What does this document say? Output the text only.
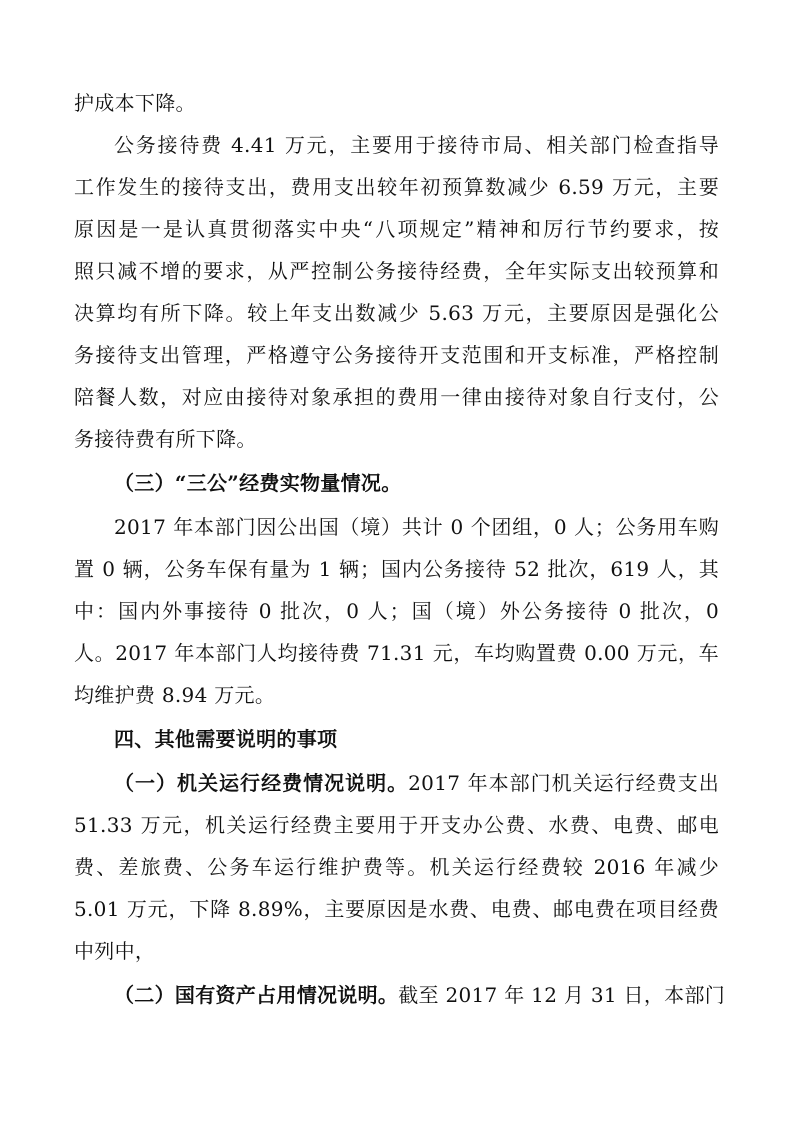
护成本下降。
公务接待费 4.41 万元，主要用于接待市局、相关部门检查指导
工作发生的接待支出，费用支出较年初预算数减少 6.59 万元，主要
原因是一是认真贯彻落实中央“八项规定”精神和厉行节约要求，按
照只减不增的要求，从严控制公务接待经费，全年实际支出较预算和
决算均有所下降。较上年支出数减少 5.63 万元，主要原因是强化公
务接待支出管理，严格遵守公务接待开支范围和开支标准，严格控制
陪餐人数，对应由接待对象承担的费用一律由接待对象自行支付，公
务接待费有所下降。
（三）“三公”经费实物量情况。
2017 年本部门因公出国（境）共计 0 个团组，0 人；公务用车购
置 0 辆，公务车保有量为 1 辆；国内公务接待 52 批次，619 人，其
中：国内外事接待 0 批次，0 人；国（境）外公务接待 0 批次，0
人。2017 年本部门人均接待费 71.31 元，车均购置费 0.00 万元，车
均维护费 8.94 万元。
四、其他需要说明的事项
（一）机关运行经费情况说明。2017 年本部门机关运行经费支出
51.33 万元，机关运行经费主要用于开支办公费、水费、电费、邮电
费、差旅费、公务车运行维护费等。机关运行经费较 2016 年减少
5.01 万元，下降 8.89%，主要原因是水费、电费、邮电费在项目经费
中列中，
（二）国有资产占用情况说明。截至 2017 年 12 月 31 日，本部门
